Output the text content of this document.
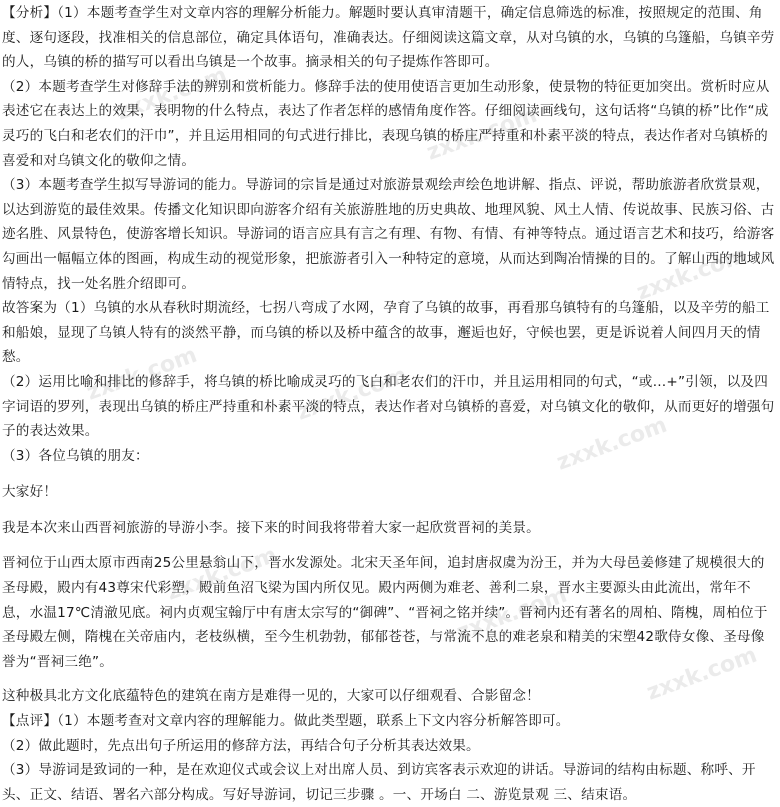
zxxk.com
zxxk.com
zxxk.com
zxxk.com	zxxk.com
zxxk.com
zxxk.com
zxxk.com
zxxk.com

【分析】（1）本题考查学生对文章内容的理解分析能力。解题时要认真审清题干，确定信息筛选的标准，按照规定的范围、角度、逐句逐段，找准相关的信息部位，确定具体语句，准确表达。仔细阅读这篇文章，从对乌镇的水，乌镇的乌篷船，乌镇辛劳的人，乌镇的桥的描写可以看出乌镇是一个故事。摘录相关的句子提炼作答即可。

（2）本题考查学生对修辞手法的辨别和赏析能力。修辞手法的使用使语言更加生动形象，使景物的特征更加突出。赏析时应从表述它在表达上的效果，表明物的什么特点，表达了作者怎样的感情角度作答。仔细阅读画线句，这句话将“乌镇的桥”比作“成灵巧的飞白和老农们的汗巾”，并且运用相同的句式进行排比，表现乌镇的桥庄严持重和朴素平淡的特点，表达作者对乌镇桥的喜爱和对乌镇文化的敬仰之情。

（3）本题考查学生拟写导游词的能力。导游词的宗旨是通过对旅游景观绘声绘色地讲解、指点、评说，帮助旅游者欣赏景观，以达到游览的最佳效果。传播文化知识即向游客介绍有关旅游胜地的历史典故、地理风貌、风土人情、传说故事、民族习俗、古迹名胜、风景特色，使游客增长知识。导游词的语言应具有言之有理、有物、有情、有神等特点。通过语言艺术和技巧，给游客勾画出一幅幅立体的图画，构成生动的视觉形象，把旅游者引入一种特定的意境，从而达到陶冶情操的目的。了解山西的地域风情特点，找一处名胜介绍即可。

故答案为（1）乌镇的水从春秋时期流经，七拐八弯成了水网，孕育了乌镇的故事，再看那乌镇特有的乌篷船，以及辛劳的船工和船娘，显现了乌镇人特有的淡然平静，而乌镇的桥以及桥中蕴含的故事，邂逅也好，守候也罢，更是诉说着人间四月天的情愁。

（2）运用比喻和排比的修辞手，将乌镇的桥比喻成灵巧的飞白和老农们的汗巾，并且运用相同的句式，“或…+”引领，以及四字词语的罗列，表现出乌镇的桥庄严持重和朴素平淡的特点，表达作者对乌镇桥的喜爱，对乌镇文化的敬仰，从而更好的增强句子的表达效果。

（3）各位乌镇的朋友：

大家好！

我是本次来山西晋祠旅游的导游小李。接下来的时间我将带着大家一起欣赏晋祠的美景。

晋祠位于山西太原市西南25公里悬翁山下，晋水发源处。北宋天圣年间，追封唐叔虞为汾王，并为大母邑姜修建了规模很大的圣母殿，殿内有43尊宋代彩塑，殿前鱼沼飞梁为国内所仅见。殿内两侧为难老、善利二泉，晋水主要源头由此流出，常年不息，水温17℃清澈见底。祠内贞观宝翰厅中有唐太宗写的“御碑”、“晋祠之铭并续”。晋祠内还有著名的周柏、隋槐，周柏位于圣母殿左侧，隋槐在关帝庙内，老枝纵横，至今生机勃勃，郁郁苍苍，与常流不息的难老泉和精美的宋塑42歌侍女像、圣母像誉为“晋祠三绝”。

这种极具北方文化底蕴特色的建筑在南方是难得一见的，大家可以仔细观看、合影留念！

【点评】（1）本题考查对文章内容的理解能力。做此类型题，联系上下文内容分析解答即可。

（2）做此题时，先点出句子所运用的修辞方法，再结合句子分析其表达效果。

（3）导游词是致词的一种，是在欢迎仪式或会议上对出席人员、到访宾客表示欢迎的讲话。导游词的结构由标题、称呼、开头、正文、结语、署名六部分构成。写好导游词，切记三步骤 。一、开场白 二、游览景观 三、结束语。
